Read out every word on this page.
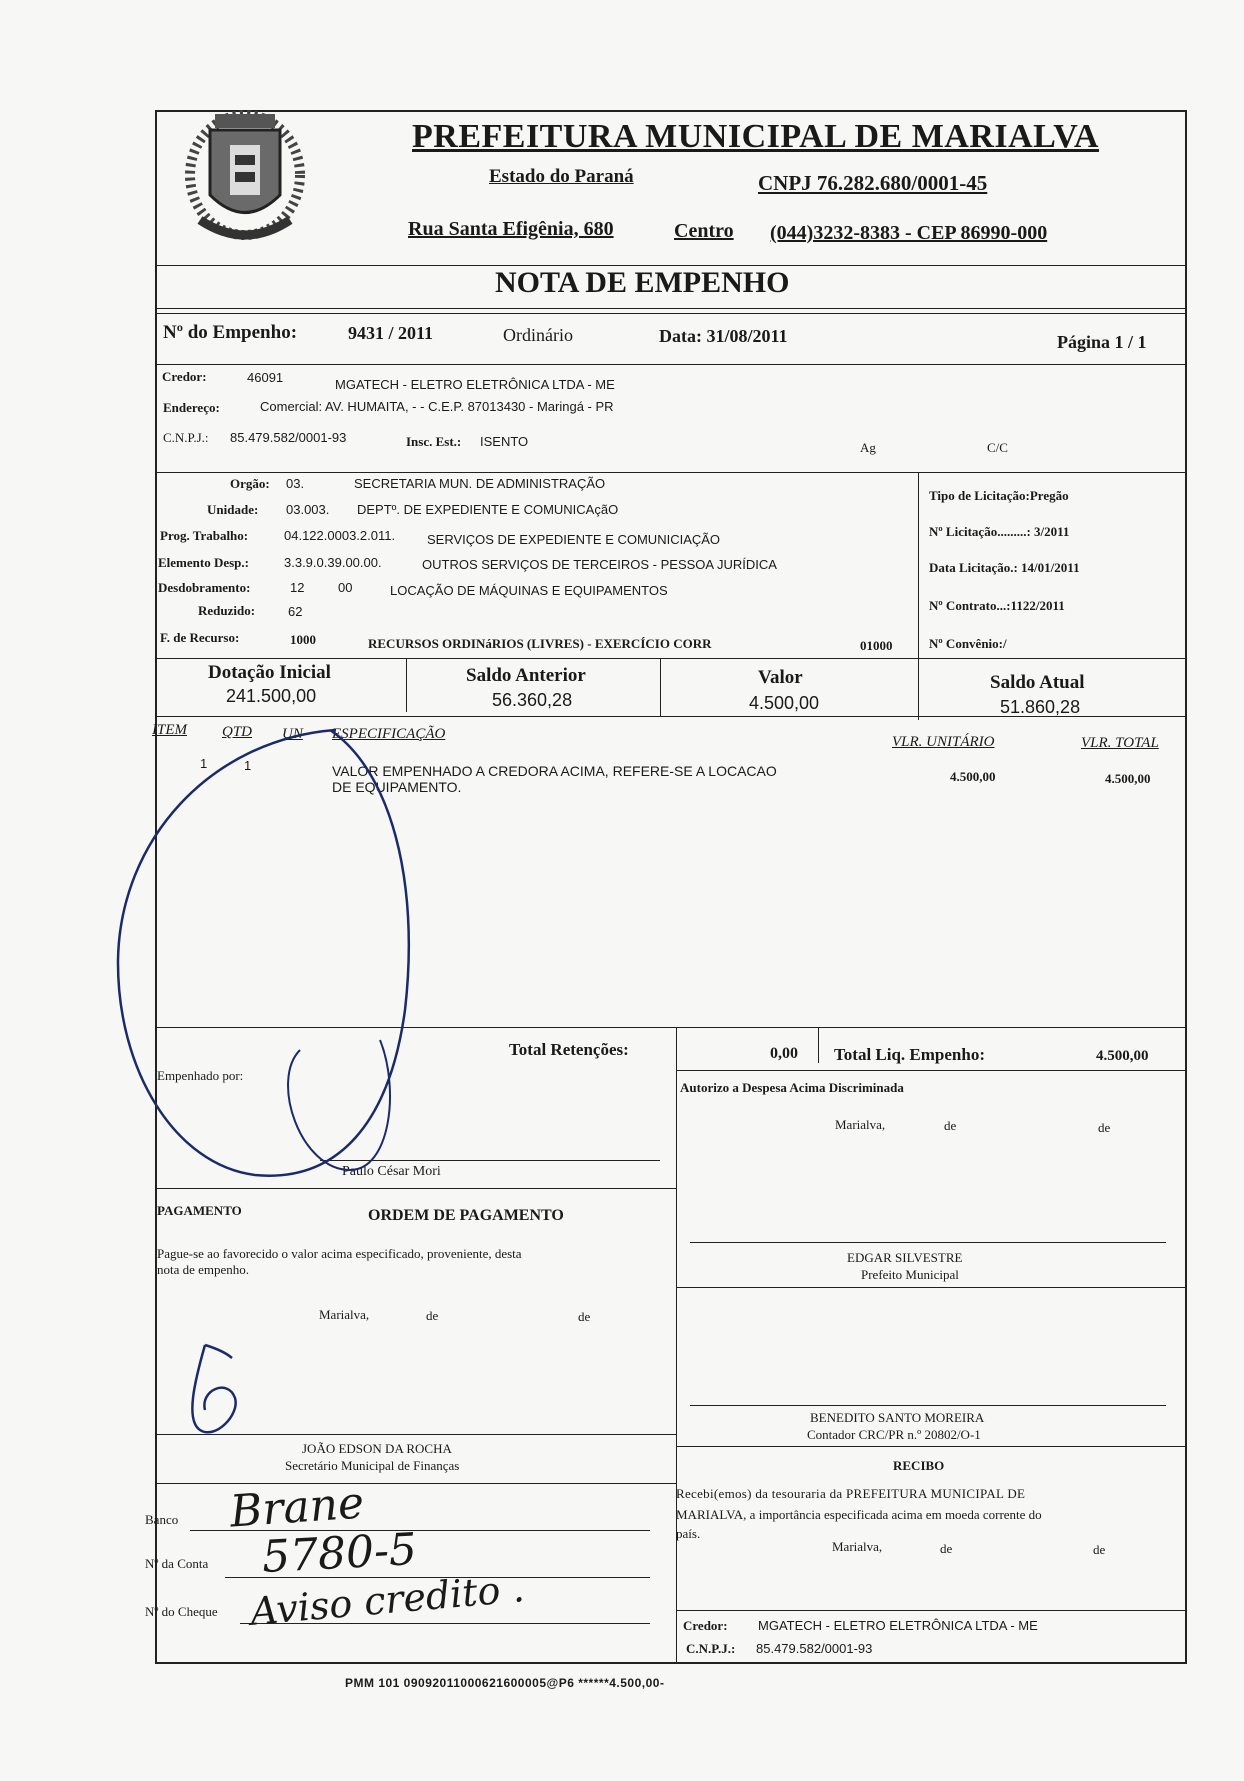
PREFEITURA MUNICIPAL DE MARIALVA
Estado do Paraná	CNPJ 76.282.680/0001-45
Rua Santa Efigênia, 680	Centro (044)3232-8383 - CEP 86990-000
NOTA DE EMPENHO
Nº do Empenho:	9431 / 2011	Ordinário	Data: 31/08/2011	Página 1 / 1
Credor:	46091	MGATECH - ELETRO ELETRÔNICA LTDA - ME
Endereço:	Comercial: AV. HUMAITA, - - C.E.P. 87013430 - Maringá - PR
C.N.P.J.: 85.479.582/0001-93	Insc. Est.: ISENTO	Ag	C/C
Orgão: 03.	SECRETARIA MUN. DE ADMINISTRAÇÃO
Unidade: 03.003. DEPTº. DE EXPEDIENTE E COMUNICAçãO
Prog. Trabalho:	04.122.0003.2.011. SERVIÇOS DE EXPEDIENTE E COMUNICIAÇÃO
Elemento Desp.:	3.3.9.0.39.00.00.	OUTROS SERVIÇOS DE TERCEIROS - PESSOA JURÍDICA
Desdobramento:	12	00	LOCAÇÃO DE MÁQUINAS E EQUIPAMENTOS
Reduzido:	62
F. de Recurso:	1000	RECURSOS ORDINáRIOS (LIVRES) - EXERCÍCIO CORR	01000
Tipo de Licitação:Pregão
Nº Licitação.........: 3/2011
Data Licitação.: 14/01/2011
Nº Contrato...:1122/2011
Nº Convênio:/
Dotação Inicial
241.500,00
Saldo Anterior
56.360,28
Valor
4.500,00
Saldo Atual
51.860,28
ITEM QTD UN ESPECIFICAÇÃO	VLR. UNITÁRIO	VLR. TOTAL
1	1	VALOR EMPENHADO A CREDORA ACIMA, REFERE-SE A LOCACAO
DE EQUIPAMENTO.
4.500,00	4.500,00
Total Retenções:	0,00 Total Liq. Empenho:	4.500,00
Empenhado por:
Paulo César Mori
Autorizo a Despesa Acima Discriminada
Marialva,	de	de
EDGAR SILVESTRE
Prefeito Municipal
PAGAMENTO	ORDEM DE PAGAMENTO
Pague-se ao favorecido o valor acima especificado, proveniente, desta
nota de empenho.
Marialva,	de	de
JOÃO EDSON DA ROCHA
Secretário Municipal de Finanças
BENEDITO SANTO MOREIRA
Contador CRC/PR n.º 20802/O-1
RECIBO
Recebi(emos) da tesouraria da PREFEITURA MUNICIPAL DE
MARIALVA, a importância especificada acima em moeda corrente do
país.
Marialva,	de	de
Credor: MGATECH - ELETRO ELETRÔNICA LTDA - ME
C.N.P.J.: 85.479.582/0001-93
Banco Brane
Nº da Conta 5780-5
Nº do Cheque Aviso credito .
PMM 101 09092011000621600005@P6 ******4.500,00-
